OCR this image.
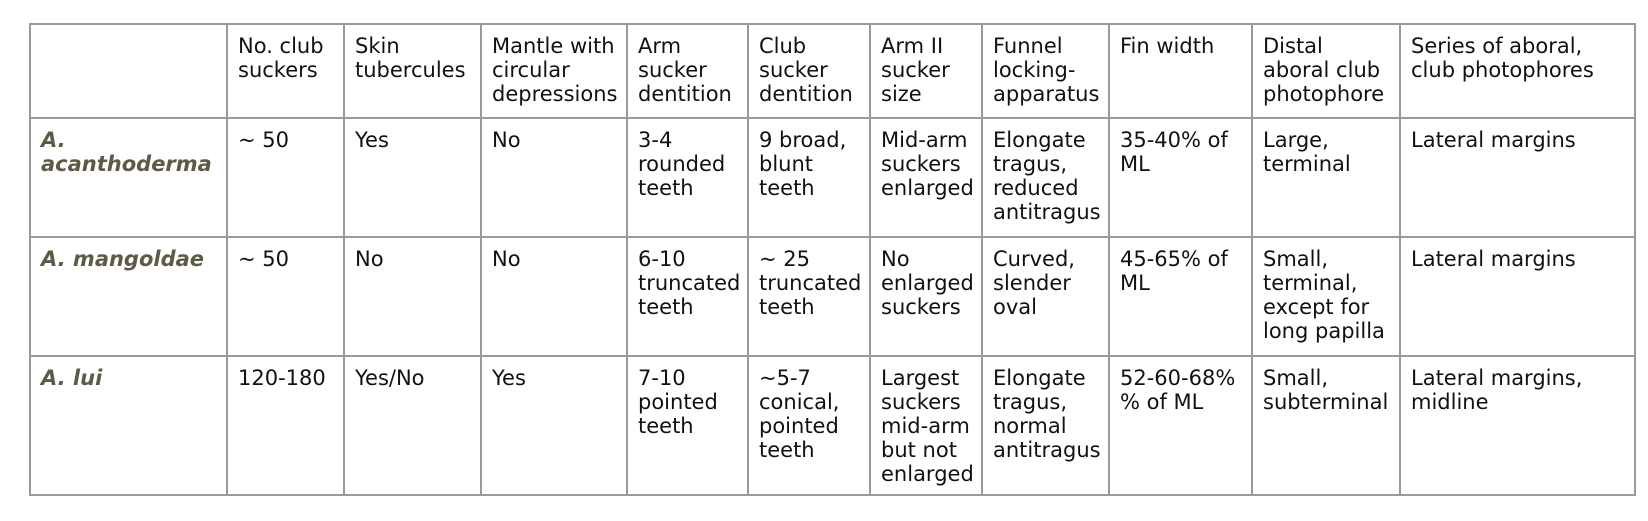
	No. club suckers	Skin tubercules	Mantle with circular depressions	Arm sucker dentition	Club sucker dentition	Arm II sucker size	Funnel locking-apparatus	Fin width	Distal aboral club photophore	Series of aboral, club photophores
A. acanthoderma	~ 50	Yes	No	3-4 rounded teeth	9 broad, blunt teeth	Mid-arm suckers enlarged	Elongate tragus, reduced antitragus	35-40% of ML	Large, terminal	Lateral margins
A. mangoldae	~ 50	No	No	6-10 truncated teeth	~ 25 truncated teeth	No enlarged suckers	Curved, slender oval	45-65% of ML	Small, terminal, except for long papilla	Lateral margins
A. lui	120-180	Yes/No	Yes	7-10 pointed teeth	~5-7 conical, pointed teeth	Largest suckers mid-arm but not enlarged	Elongate tragus, normal antitragus	52-60-68% % of ML	Small, subterminal	Lateral margins, midline
